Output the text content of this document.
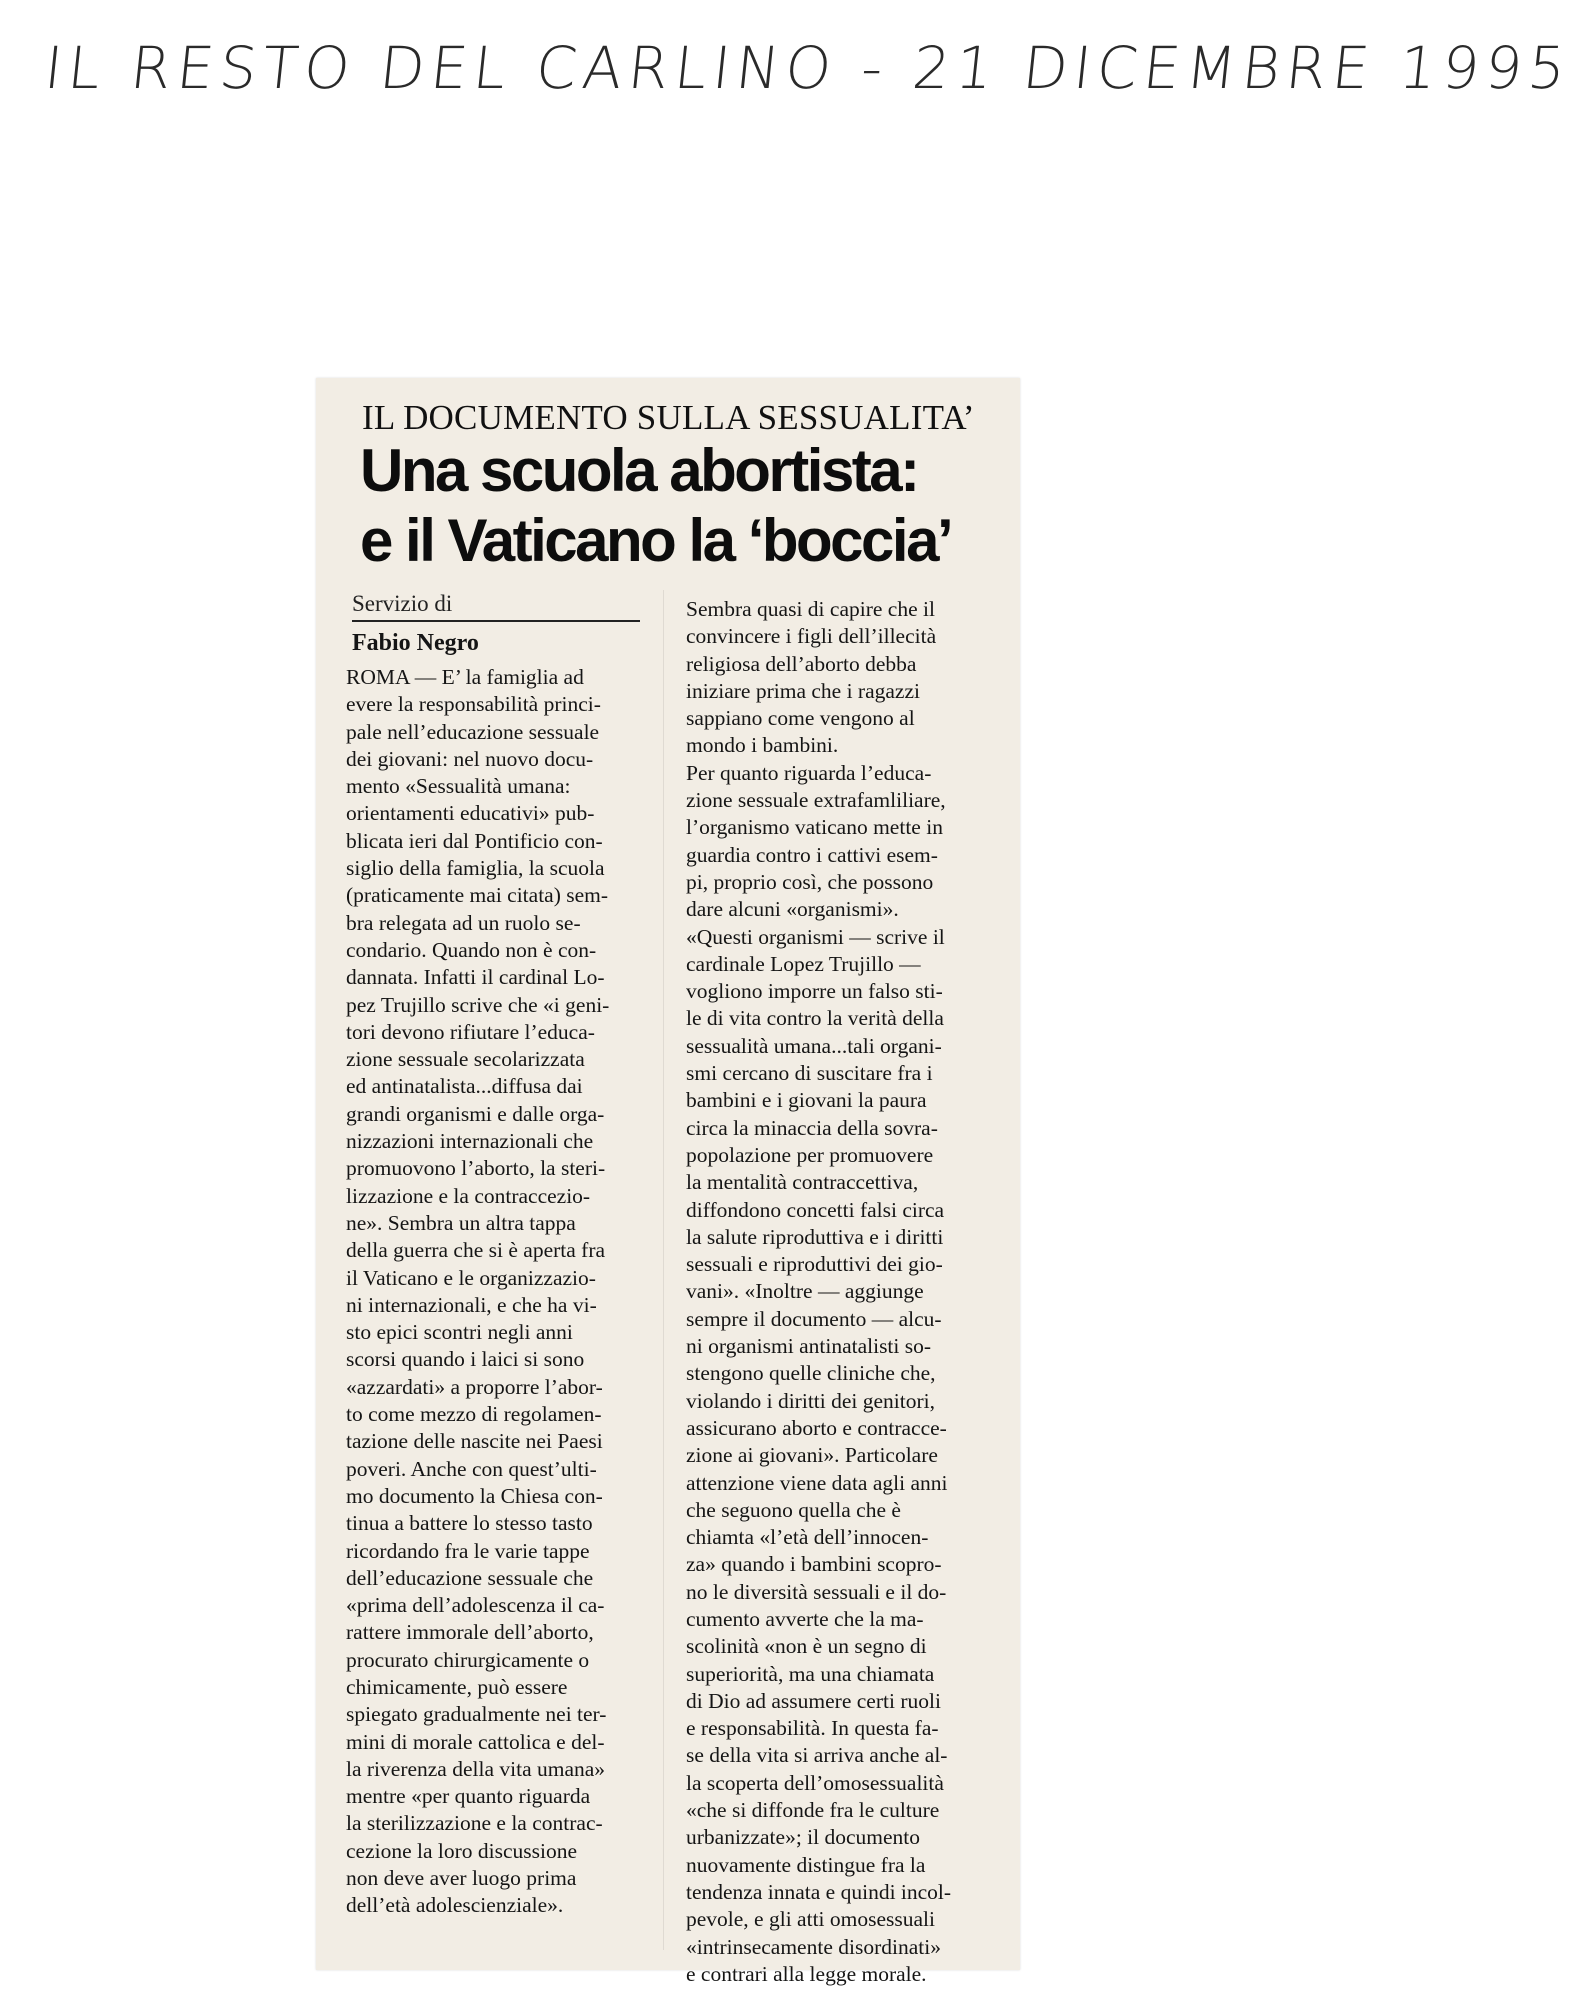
IL RESTO DEL CARLINO - 21 DICEMBRE 1995
IL DOCUMENTO SULLA SESSUALITA’
Una scuola abortista:
e il Vaticano la ‘boccia’
Servizio di
Fabio Negro
ROMA — E’ la famiglia ad
evere la responsabilità princi-
pale nell’educazione sessuale
dei giovani: nel nuovo docu-
mento «Sessualità umana:
orientamenti educativi» pub-
blicata ieri dal Pontificio con-
siglio della famiglia, la scuola
(praticamente mai citata) sem-
bra relegata ad un ruolo se-
condario. Quando non è con-
dannata. Infatti il cardinal Lo-
pez Trujillo scrive che «i geni-
tori devono rifiutare l’educa-
zione sessuale secolarizzata
ed antinatalista...diffusa dai
grandi organismi e dalle orga-
nizzazioni internazionali che
promuovono l’aborto, la steri-
lizzazione e la contraccezio-
ne». Sembra un altra tappa
della guerra che si è aperta fra
il Vaticano e le organizzazio-
ni internazionali, e che ha vi-
sto epici scontri negli anni
scorsi quando i laici si sono
«azzardati» a proporre l’abor-
to come mezzo di regolamen-
tazione delle nascite nei Paesi
poveri. Anche con quest’ulti-
mo documento la Chiesa con-
tinua a battere lo stesso tasto
ricordando fra le varie tappe
dell’educazione sessuale che
«prima dell’adolescenza il ca-
rattere immorale dell’aborto,
procurato chirurgicamente o
chimicamente, può essere
spiegato gradualmente nei ter-
mini di morale cattolica e del-
la riverenza della vita umana»
mentre «per quanto riguarda
la sterilizzazione e la contrac-
cezione la loro discussione
non deve aver luogo prima
dell’età adolescienziale».
Sembra quasi di capire che il
convincere i figli dell’illecità
religiosa dell’aborto debba
iniziare prima che i ragazzi
sappiano come vengono al
mondo i bambini.
Per quanto riguarda l’educa-
zione sessuale extrafamliliare,
l’organismo vaticano mette in
guardia contro i cattivi esem-
pi, proprio così, che possono
dare alcuni «organismi».
«Questi organismi — scrive il
cardinale Lopez Trujillo —
vogliono imporre un falso sti-
le di vita contro la verità della
sessualità umana...tali organi-
smi cercano di suscitare fra i
bambini e i giovani la paura
circa la minaccia della sovra-
popolazione per promuovere
la mentalità contraccettiva,
diffondono concetti falsi circa
la salute riproduttiva e i diritti
sessuali e riproduttivi dei gio-
vani». «Inoltre — aggiunge
sempre il documento — alcu-
ni organismi antinatalisti so-
stengono quelle cliniche che,
violando i diritti dei genitori,
assicurano aborto e contracce-
zione ai giovani». Particolare
attenzione viene data agli anni
che seguono quella che è
chiamta «l’età dell’innocen-
za» quando i bambini scopro-
no le diversità sessuali e il do-
cumento avverte che la ma-
scolinità «non è un segno di
superiorità, ma una chiamata
di Dio ad assumere certi ruoli
e responsabilità. In questa fa-
se della vita si arriva anche al-
la scoperta dell’omosessualità
«che si diffonde fra le culture
urbanizzate»; il documento
nuovamente distingue fra la
tendenza innata e quindi incol-
pevole, e gli atti omosessuali
«intrinsecamente disordinati»
e contrari alla legge morale.
